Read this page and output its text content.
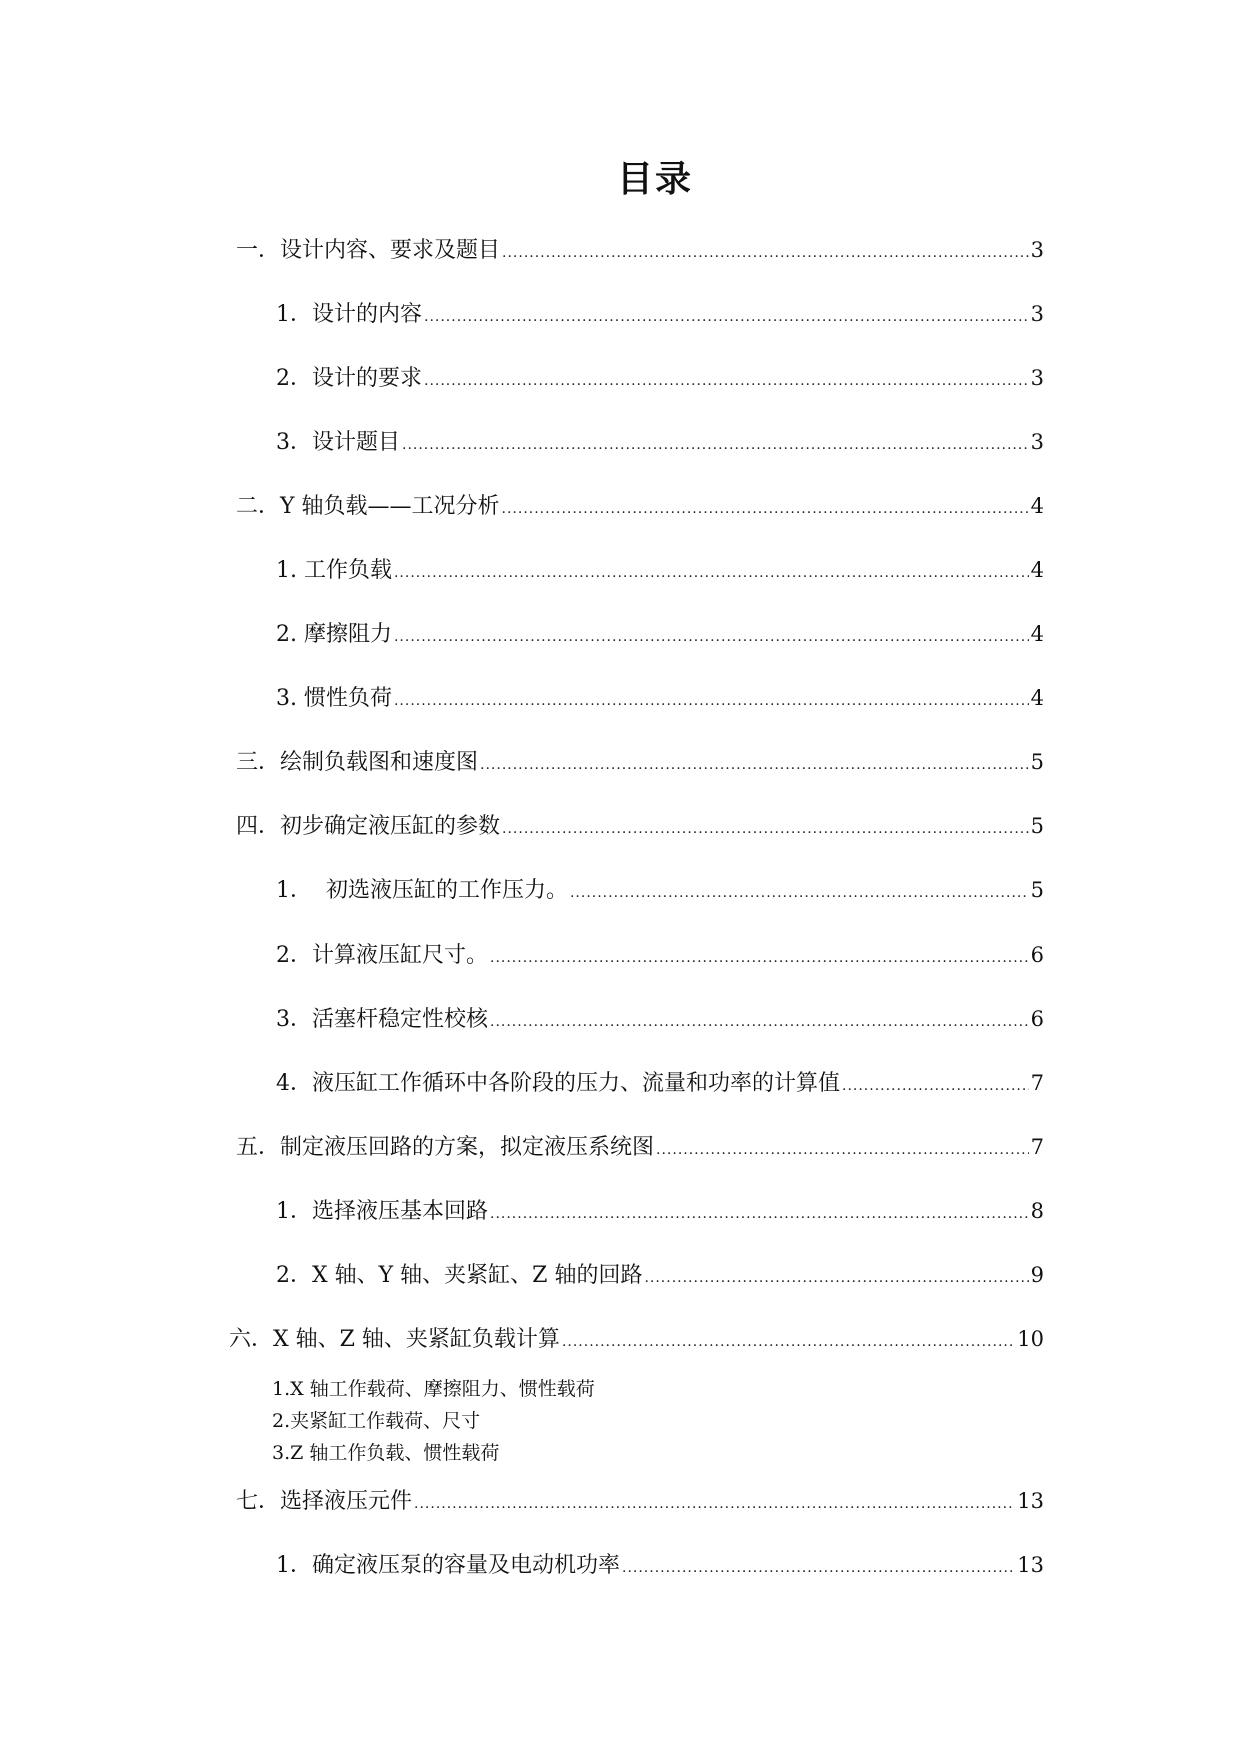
目录
一．设计内容、要求及题目 .....	3
1．设计的内容 .....	3
2．设计的要求 .....	3
3．设计题目 .....	3
二．Y 轴负载——工况分析 .....	4
1. 工作负载 .....	4
2. 摩擦阻力 .....	4
3. 惯性负荷 .....	4
三．绘制负载图和速度图 .....	5
四．初步确定液压缸的参数 .....	5
1．  初选液压缸的工作压力。 .....	5
2．计算液压缸尺寸。 .....	6
3．活塞杆稳定性校核 .....	6
4．液压缸工作循环中各阶段的压力、流量和功率的计算值 .....	7
五．制定液压回路的方案，拟定液压系统图 .....	7
1．选择液压基本回路 .....	8
2．X 轴、Y 轴、夹紧缸、Z 轴的回路 .....	9
六．X 轴、Z 轴、夹紧缸负载计算 .....	10
1.X 轴工作载荷、摩擦阻力、惯性载荷
2.夹紧缸工作载荷、尺寸
3.Z 轴工作负载、惯性载荷
七．选择液压元件 .....	13
1．确定液压泵的容量及电动机功率 .....	13
